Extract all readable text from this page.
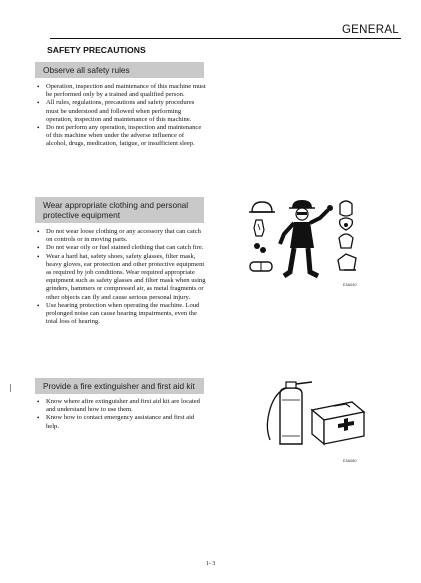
GENERAL
SAFETY PRECAUTIONS
Observe all safety rules
• Operation, inspection and maintenance of this machine must be performed only by a trained and qualified person.
• All rules, regulations, precautions and safety procedures must be understood and followed when performing operation, inspection and maintenance of this machine.
• Do not perform any operation, inspection and maintenance of this machine when under the adverse influence of alcohol, drugs, medication, fatigue, or insufficient sleep.
Wear appropriate clothing and personal protective equipment
• Do not wear loose clothing or any accessory that can catch on controls or in moving parts.
• Do not wear oily or fuel stained clothing that can catch fire.
• Wear a hard hat, safety shoes, safety glasses, filter mask, heavy gloves, ear protection and other protective equipment as required by job conditions. Wear required appropriate equipment such as safety glasses and filter mask when using grinders, hammers or compressed air, as metal fragments or other objects can fly and cause serious personal injury.
• Use hearing protection when operating the machine. Loud prolonged noise can cause hearing impairments, even the total loss of hearing.
Provide a fire extinguisher and first aid kit
• Know where afire extinguisher and first aid kit are located and understand how to use them.
• Know how to contact emergency assistance and first aid help.
E3A040
E3A080
1- 3
